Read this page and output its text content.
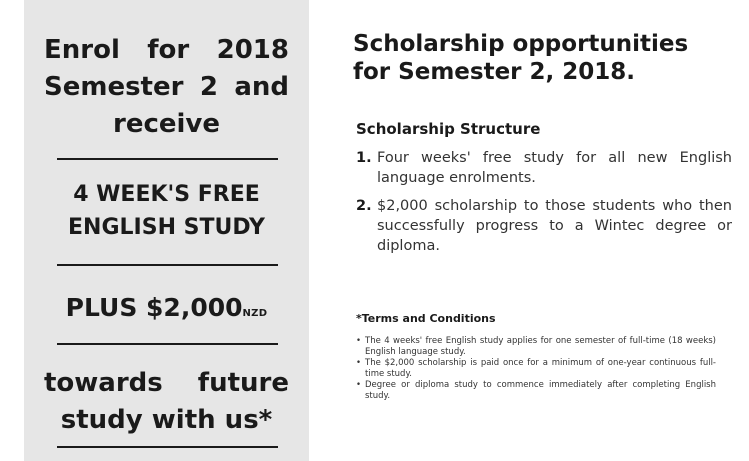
Enrol for 2018 Semester 2 and receive
4 WEEK'S FREE ENGLISH STUDY
PLUS $2,000NZD
towards future study with us*
Scholarship opportunities for Semester 2, 2018.
Scholarship Structure
1. Four weeks' free study for all new English language enrolments.
2. $2,000 scholarship to those students who then successfully progress to a Wintec degree or diploma.
*Terms and Conditions
• The 4 weeks' free English study applies for one semester of full-time (18 weeks) English language study.
• The $2,000 scholarship is paid once for a minimum of one-year continuous full-time study.
• Degree or diploma study to commence immediately after completing English study.
